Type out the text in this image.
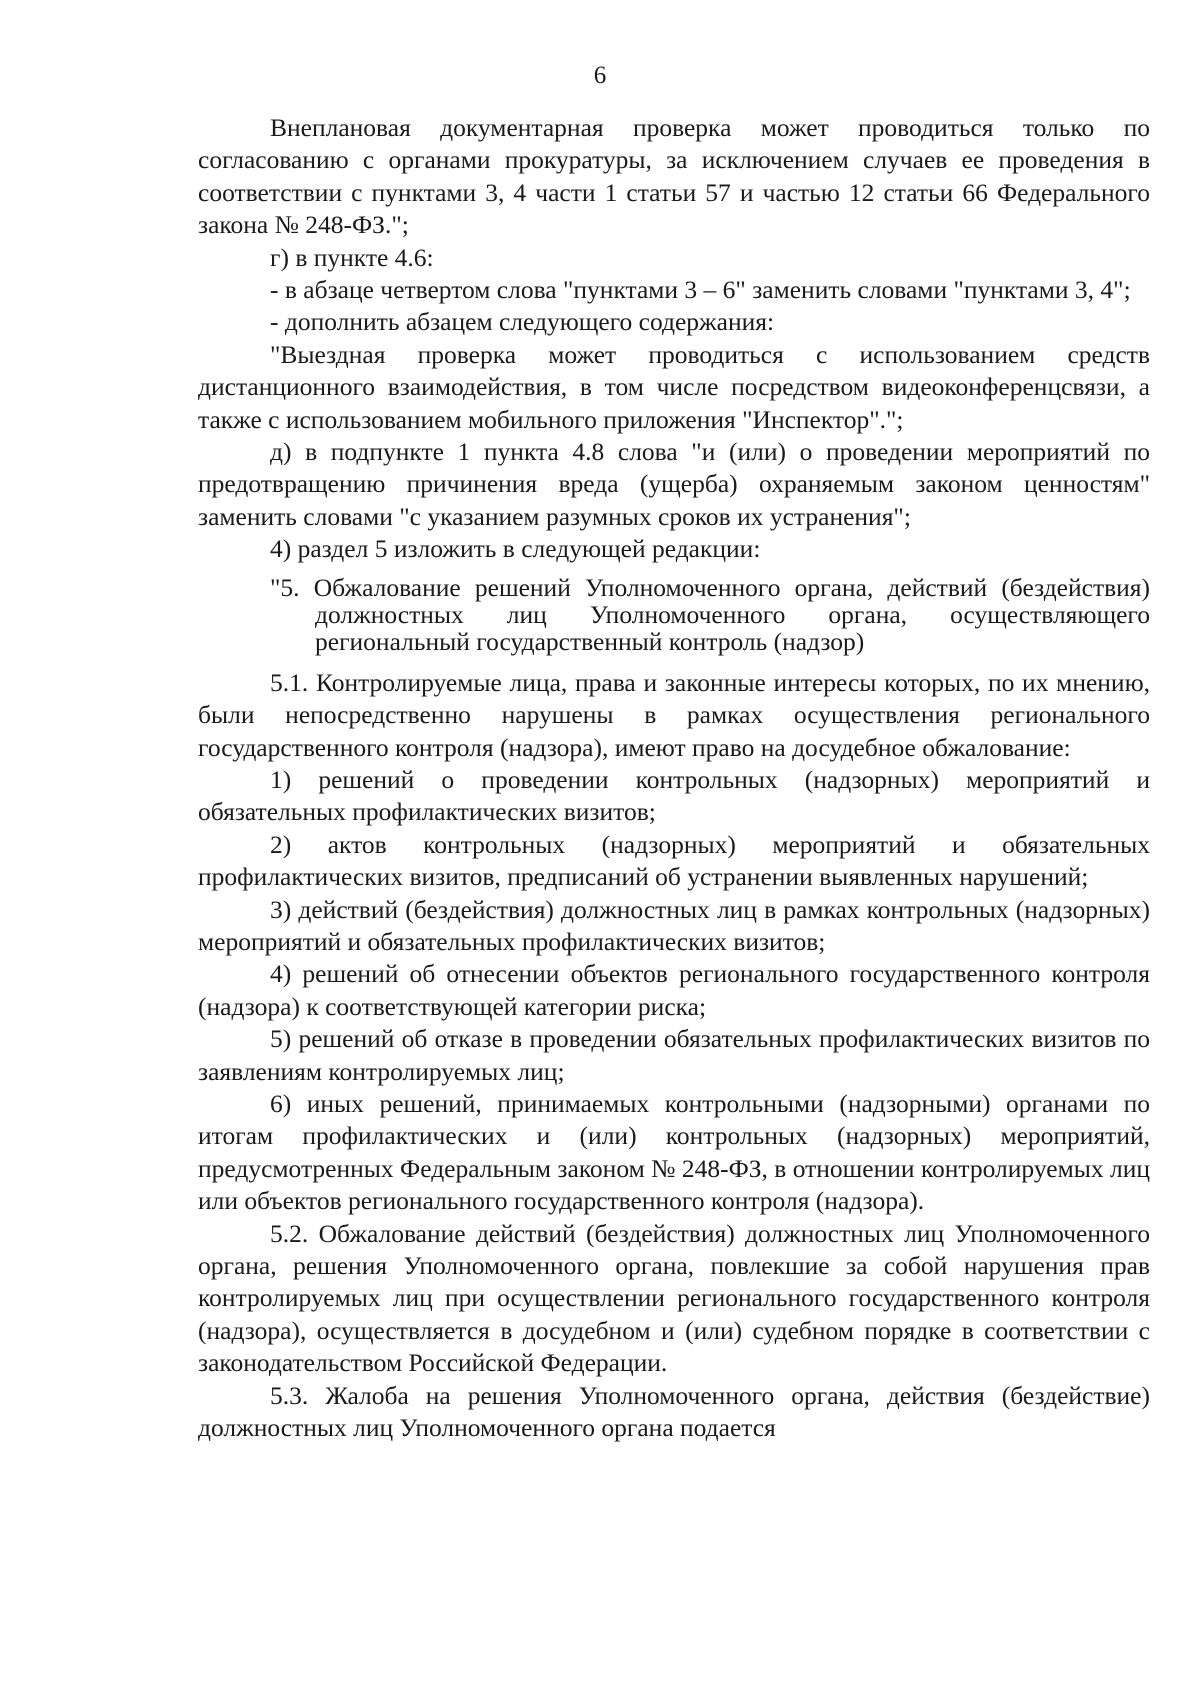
6

Внеплановая документарная проверка может проводиться только по согласованию с органами прокуратуры, за исключением случаев ее проведения в соответствии с пунктами 3, 4 части 1 статьи 57 и частью 12 статьи 66 Федерального закона № 248-ФЗ.";

г) в пункте 4.6:

- в абзаце четвертом слова "пунктами 3 – 6" заменить словами "пунктами 3, 4";

- дополнить абзацем следующего содержания:

"Выездная проверка может проводиться с использованием средств дистанционного взаимодействия, в том числе посредством видеоконференцсвязи, а также с использованием мобильного приложения "Инспектор".";

д) в подпункте 1 пункта 4.8 слова "и (или) о проведении мероприятий по предотвращению причинения вреда (ущерба) охраняемым законом ценностям" заменить словами "с указанием разумных сроков их устранения";

4) раздел 5 изложить в следующей редакции:

"5. Обжалование решений Уполномоченного органа, действий (бездействия) должностных лиц Уполномоченного органа, осуществляющего региональный государственный контроль (надзор)

5.1. Контролируемые лица, права и законные интересы которых, по их мнению, были непосредственно нарушены в рамках осуществления регионального государственного контроля (надзора), имеют право на досудебное обжалование:

1) решений о проведении контрольных (надзорных) мероприятий и обязательных профилактических визитов;

2) актов контрольных (надзорных) мероприятий и обязательных профилактических визитов, предписаний об устранении выявленных нарушений;

3) действий (бездействия) должностных лиц в рамках контрольных (надзорных) мероприятий и обязательных профилактических визитов;

4) решений об отнесении объектов регионального государственного контроля (надзора) к соответствующей категории риска;

5) решений об отказе в проведении обязательных профилактических визитов по заявлениям контролируемых лиц;

6) иных решений, принимаемых контрольными (надзорными) органами по итогам профилактических и (или) контрольных (надзорных) мероприятий, предусмотренных Федеральным законом № 248-ФЗ, в отношении контролируемых лиц или объектов регионального государственного контроля (надзора).

5.2. Обжалование действий (бездействия) должностных лиц Уполномоченного органа, решения Уполномоченного органа, повлекшие за собой нарушения прав контролируемых лиц при осуществлении регионального государственного контроля (надзора), осуществляется в досудебном и (или) судебном порядке в соответствии с законодательством Российской Федерации.

5.3. Жалоба на решения Уполномоченного органа, действия (бездействие) должностных лиц Уполномоченного органа подается
